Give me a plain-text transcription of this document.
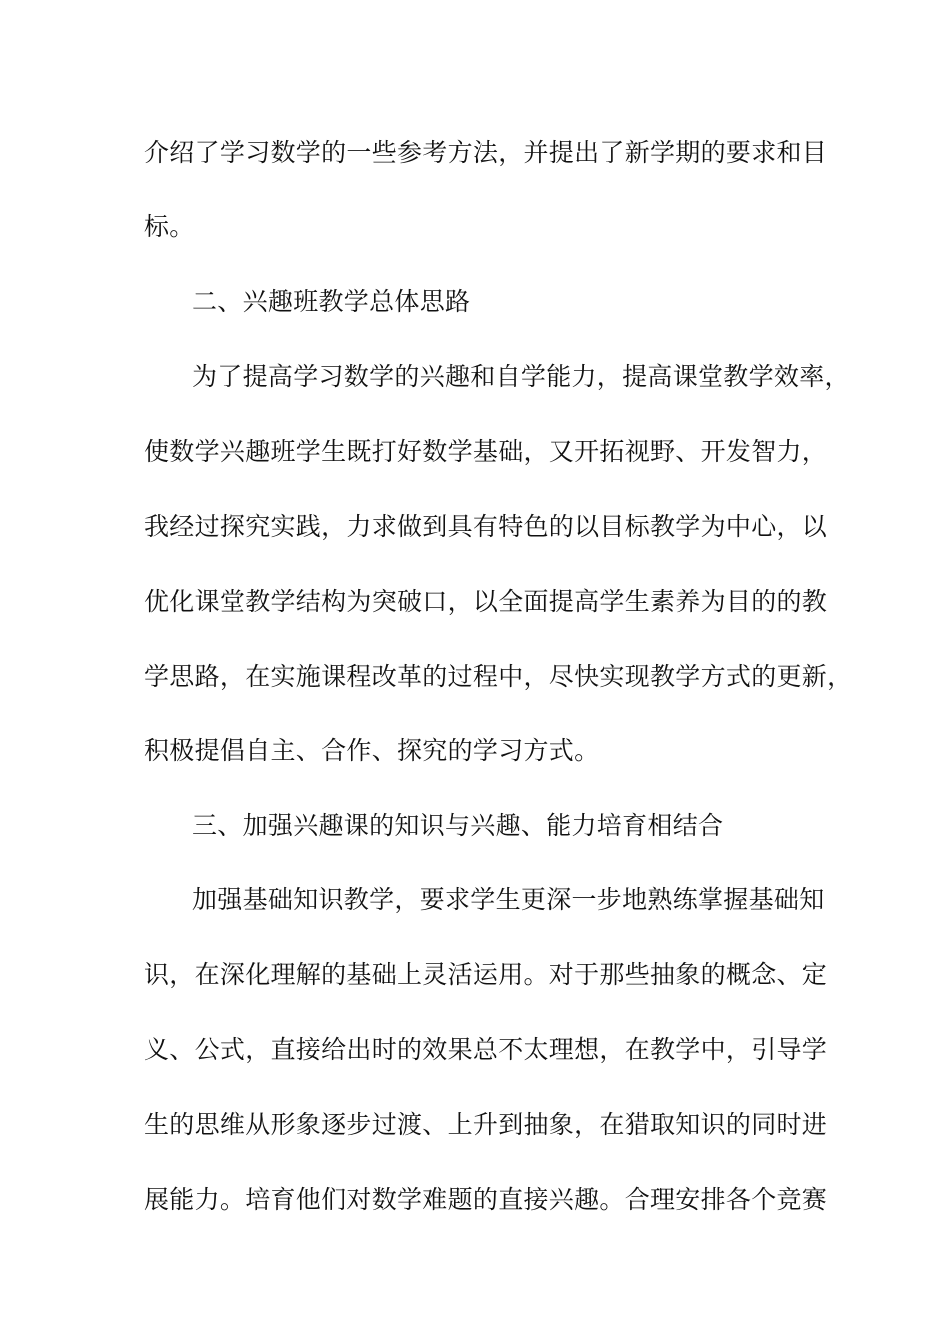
介绍了学习数学的一些参考方法，并提出了新学期的要求和目
标。
二、兴趣班教学总体思路
为了提高学习数学的兴趣和自学能力，提高课堂教学效率，
使数学兴趣班学生既打好数学基础，又开拓视野、开发智力，
我经过探究实践，力求做到具有特色的以目标教学为中心，以
优化课堂教学结构为突破口，以全面提高学生素养为目的的教
学思路，在实施课程改革的过程中，尽快实现教学方式的更新，
积极提倡自主、合作、探究的学习方式。
三、加强兴趣课的知识与兴趣、能力培育相结合
加强基础知识教学，要求学生更深一步地熟练掌握基础知
识，在深化理解的基础上灵活运用。对于那些抽象的概念、定
义、公式，直接给出时的效果总不太理想，在教学中，引导学
生的思维从形象逐步过渡、上升到抽象，在猎取知识的同时进
展能力。培育他们对数学难题的直接兴趣。合理安排各个竞赛
